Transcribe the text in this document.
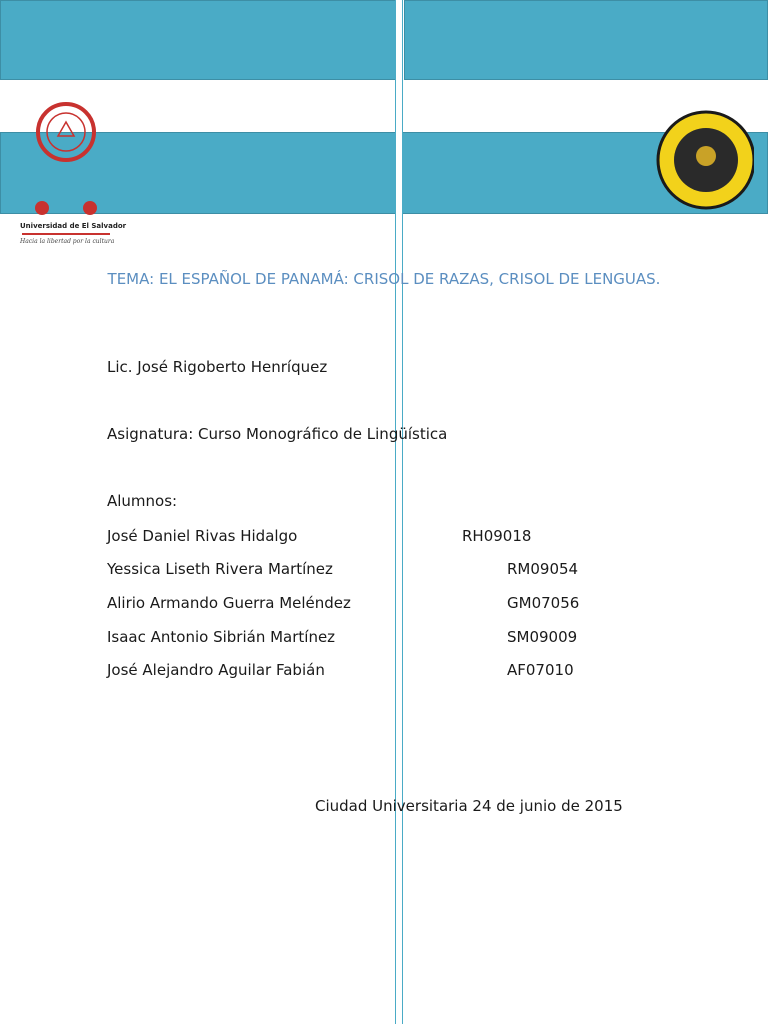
Universidad de El Salvador
Hacia la libertad por la cultura
TEMA: EL ESPAÑOL DE PANAMÁ: CRISOL DE RAZAS, CRISOL DE LENGUAS.
Lic. José Rigoberto Henríquez
Asignatura: Curso Monográfico de Lingüística
Alumnos:
José Daniel Rivas Hidalgo	RH09018
Yessica Liseth Rivera Martínez	RM09054
Alirio Armando Guerra Meléndez	GM07056
Isaac Antonio Sibrián Martínez	SM09009
José Alejandro Aguilar Fabián	AF07010
Ciudad Universitaria 24 de junio de 2015
